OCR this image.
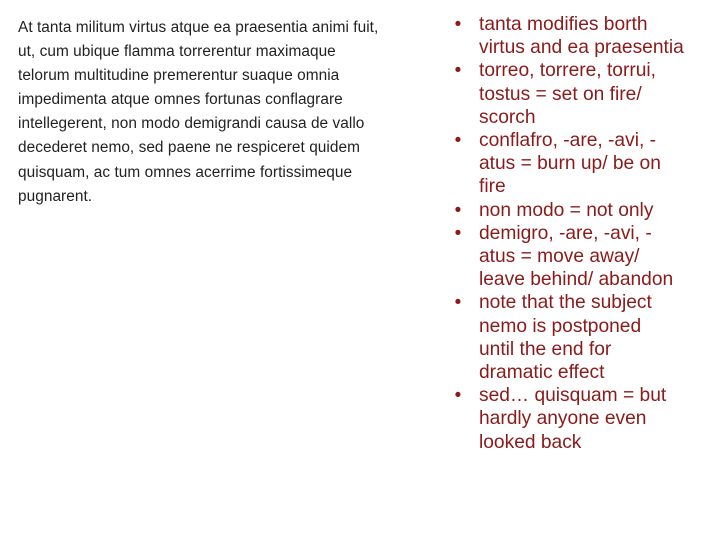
At tanta militum virtus atque ea praesentia animi fuit,
ut, cum ubique flamma torrerentur maximaque
telorum multitudine premerentur suaque omnia
impedimenta atque omnes fortunas conflagrare
intellegerent, non modo demigrandi causa de vallo
decederet nemo, sed paene ne respiceret quidem
quisquam, ac tum omnes acerrime fortissimeque
pugnarent.

• tanta modifies borth
virtus and ea praesentia
• torreo, torrere, torrui,
tostus = set on fire/
scorch
• conflafro, -are, -avi, -
atus = burn up/ be on
fire
• non modo = not only
• demigro, -are, -avi, -
atus = move away/
leave behind/ abandon
• note that the subject
nemo is postponed
until the end for
dramatic effect
• sed… quisquam = but
hardly anyone even
looked back
